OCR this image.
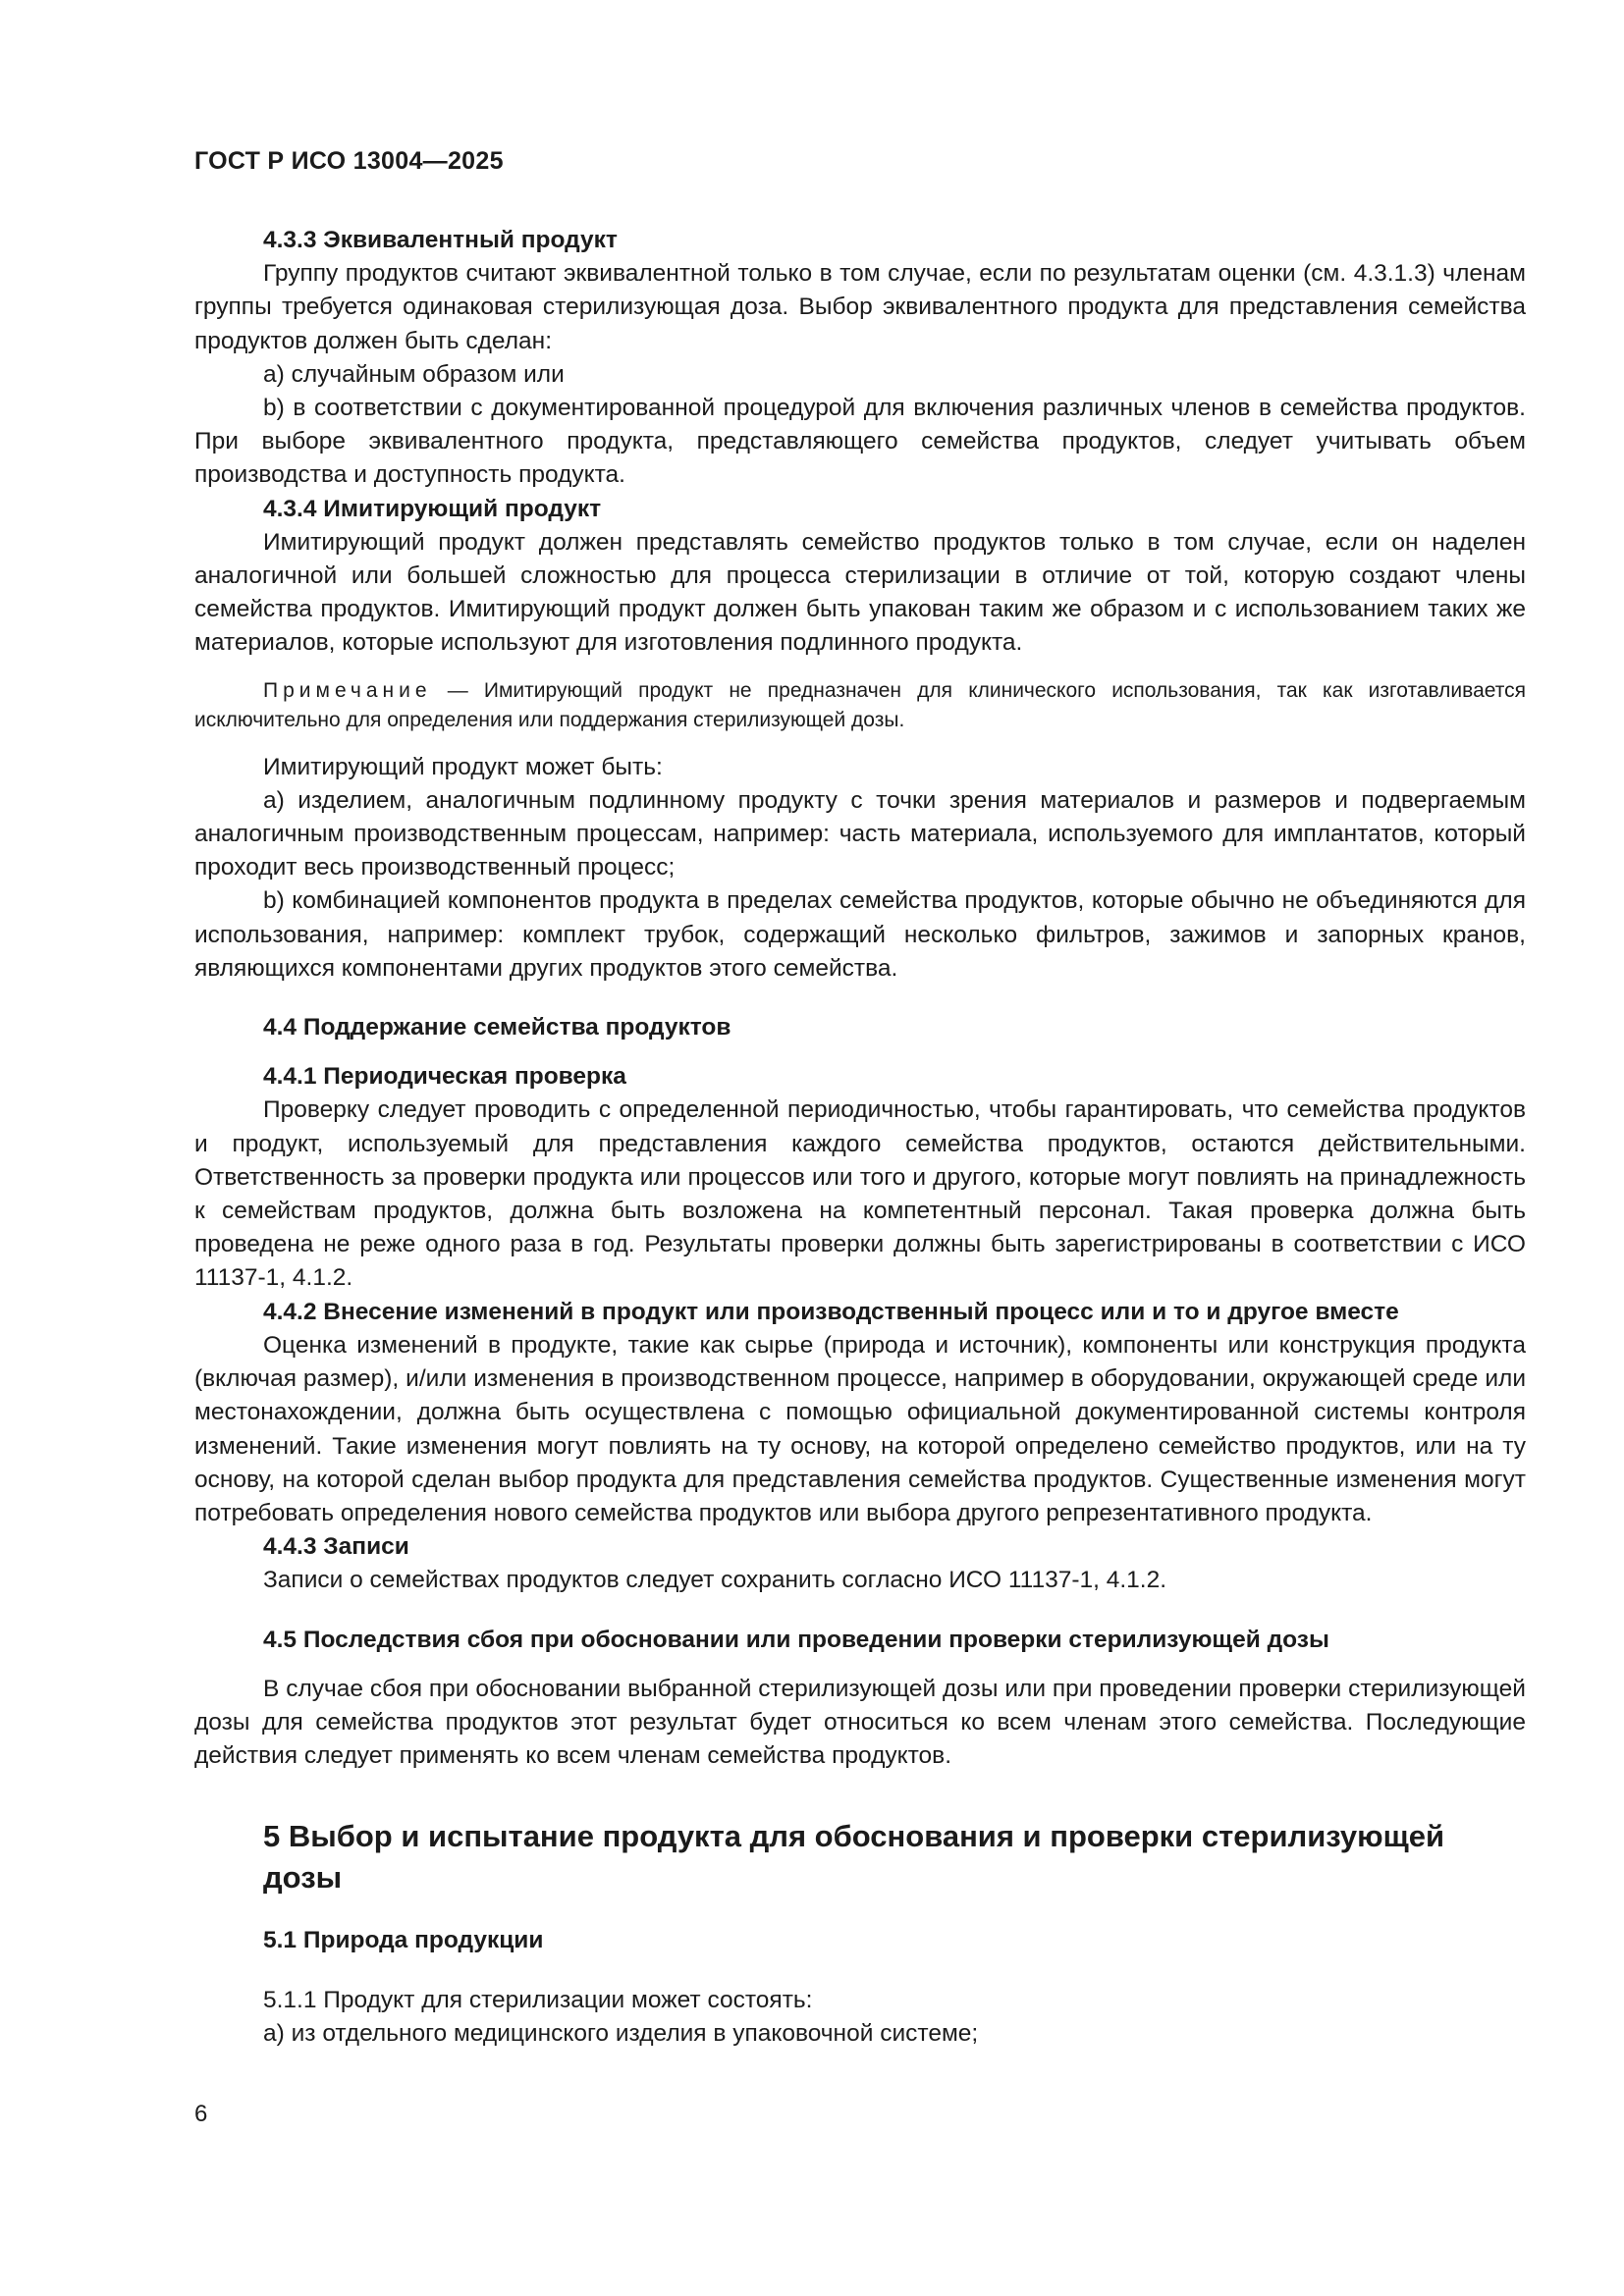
ГОСТ Р ИСО 13004—2025

4.3.3 Эквивалентный продукт

Группу продуктов считают эквивалентной только в том случае, если по результатам оценки (см. 4.3.1.3) членам группы требуется одинаковая стерилизующая доза. Выбор эквивалентного продукта для представления семейства продуктов должен быть сделан:

a) случайным образом или

b) в соответствии с документированной процедурой для включения различных членов в семейства продуктов. При выборе эквивалентного продукта, представляющего семейства продуктов, следует учитывать объем производства и доступность продукта.

4.3.4 Имитирующий продукт

Имитирующий продукт должен представлять семейство продуктов только в том случае, если он наделен аналогичной или большей сложностью для процесса стерилизации в отличие от той, которую создают члены семейства продуктов. Имитирующий продукт должен быть упакован таким же образом и с использованием таких же материалов, которые используют для изготовления подлинного продукта.

Примечание — Имитирующий продукт не предназначен для клинического использования, так как изготавливается исключительно для определения или поддержания стерилизующей дозы.

Имитирующий продукт может быть:

a) изделием, аналогичным подлинному продукту с точки зрения материалов и размеров и подвергаемым аналогичным производственным процессам, например: часть материала, используемого для имплантатов, который проходит весь производственный процесс;

b) комбинацией компонентов продукта в пределах семейства продуктов, которые обычно не объединяются для использования, например: комплект трубок, содержащий несколько фильтров, зажимов и запорных кранов, являющихся компонентами других продуктов этого семейства.

4.4 Поддержание семейства продуктов

4.4.1 Периодическая проверка

Проверку следует проводить с определенной периодичностью, чтобы гарантировать, что семейства продуктов и продукт, используемый для представления каждого семейства продуктов, остаются действительными. Ответственность за проверки продукта или процессов или того и другого, которые могут повлиять на принадлежность к семействам продуктов, должна быть возложена на компетентный персонал. Такая проверка должна быть проведена не реже одного раза в год. Результаты проверки должны быть зарегистрированы в соответствии с ИСО 11137-1, 4.1.2.

4.4.2 Внесение изменений в продукт или производственный процесс или и то и другое вместе

Оценка изменений в продукте, такие как сырье (природа и источник), компоненты или конструкция продукта (включая размер), и/или изменения в производственном процессе, например в оборудовании, окружающей среде или местонахождении, должна быть осуществлена с помощью официальной документированной системы контроля изменений. Такие изменения могут повлиять на ту основу, на которой определено семейство продуктов, или на ту основу, на которой сделан выбор продукта для представления семейства продуктов. Существенные изменения могут потребовать определения нового семейства продуктов или выбора другого репрезентативного продукта.

4.4.3 Записи

Записи о семействах продуктов следует сохранить согласно ИСО 11137-1, 4.1.2.

4.5 Последствия сбоя при обосновании или проведении проверки стерилизующей дозы

В случае сбоя при обосновании выбранной стерилизующей дозы или при проведении проверки стерилизующей дозы для семейства продуктов этот результат будет относиться ко всем членам этого семейства. Последующие действия следует применять ко всем членам семейства продуктов.

5 Выбор и испытание продукта для обоснования и проверки стерилизующей дозы

5.1 Природа продукции

5.1.1 Продукт для стерилизации может состоять:

a) из отдельного медицинского изделия в упаковочной системе;

6
